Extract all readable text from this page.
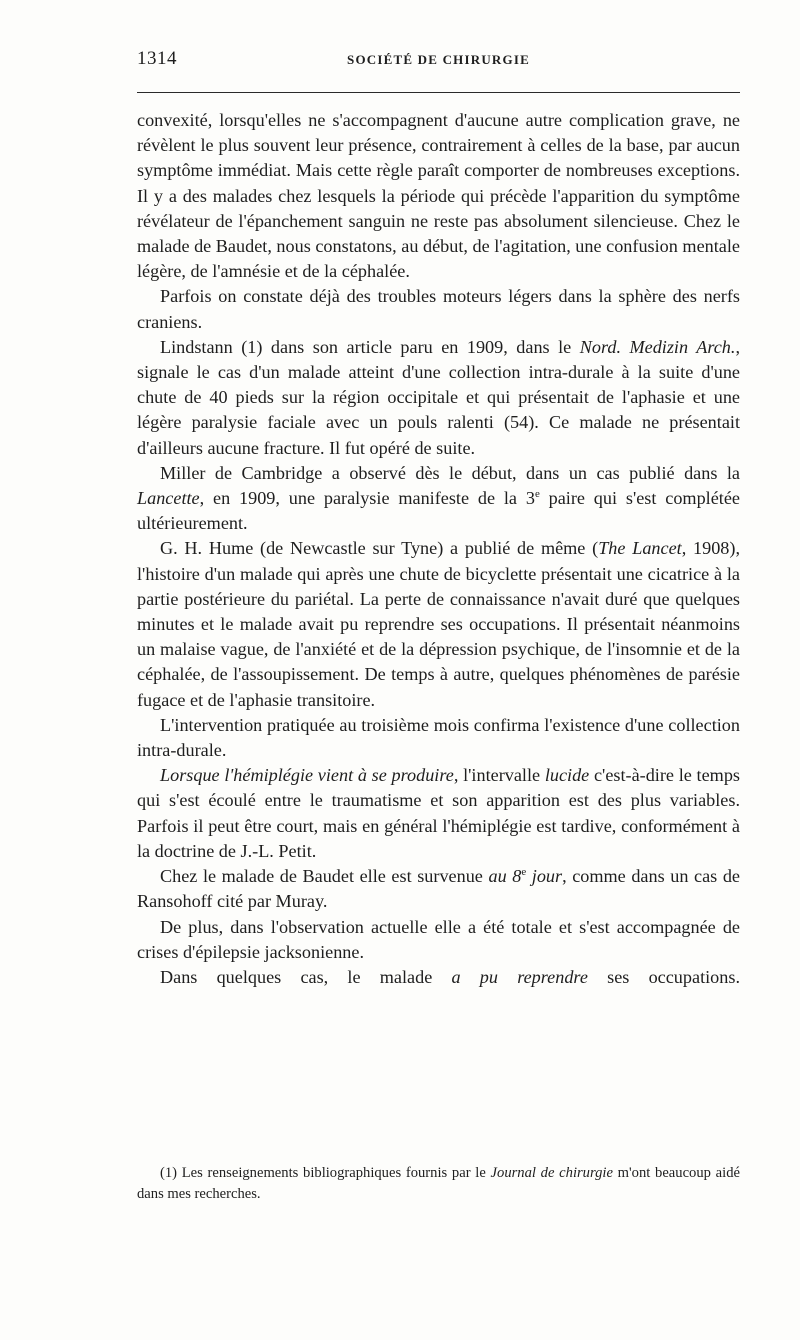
1314	SOCIÉTÉ DE CHIRURGIE

convexité, lorsqu'elles ne s'accompagnent d'aucune autre complication grave, ne révèlent le plus souvent leur présence, contrairement à celles de la base, par aucun symptôme immédiat. Mais cette règle paraît comporter de nombreuses exceptions. Il y a des malades chez lesquels la période qui précède l'apparition du symptôme révélateur de l'épanchement sanguin ne reste pas absolument silencieuse. Chez le malade de Baudet, nous constatons, au début, de l'agitation, une confusion mentale légère, de l'amnésie et de la céphalée.

Parfois on constate déjà des troubles moteurs légers dans la sphère des nerfs craniens.

Lindstann (1) dans son article paru en 1909, dans le Nord. Medizin Arch., signale le cas d'un malade atteint d'une collection intra-durale à la suite d'une chute de 40 pieds sur la région occipitale et qui présentait de l'aphasie et une légère paralysie faciale avec un pouls ralenti (54). Ce malade ne présentait d'ailleurs aucune fracture. Il fut opéré de suite.

Miller de Cambridge a observé dès le début, dans un cas publié dans la Lancette, en 1909, une paralysie manifeste de la 3e paire qui s'est complétée ultérieurement.

G. H. Hume (de Newcastle sur Tyne) a publié de même (The Lancet, 1908), l'histoire d'un malade qui après une chute de bicyclette présentait une cicatrice à la partie postérieure du pariétal. La perte de connaissance n'avait duré que quelques minutes et le malade avait pu reprendre ses occupations. Il présentait néanmoins un malaise vague, de l'anxiété et de la dépression psychique, de l'insomnie et de la céphalée, de l'assoupissement. De temps à autre, quelques phénomènes de parésie fugace et de l'aphasie transitoire.

L'intervention pratiquée au troisième mois confirma l'existence d'une collection intra-durale.

Lorsque l'hémiplégie vient à se produire, l'intervalle lucide c'est-à-dire le temps qui s'est écoulé entre le traumatisme et son apparition est des plus variables. Parfois il peut être court, mais en général l'hémiplégie est tardive, conformément à la doctrine de J.-L. Petit.

Chez le malade de Baudet elle est survenue au 8e jour, comme dans un cas de Ransohoff cité par Muray.

De plus, dans l'observation actuelle elle a été totale et s'est accompagnée de crises d'épilepsie jacksonienne.

Dans quelques cas, le malade a pu reprendre ses occupations.

(1) Les renseignements bibliographiques fournis par le Journal de chirurgie m'ont beaucoup aidé dans mes recherches.
